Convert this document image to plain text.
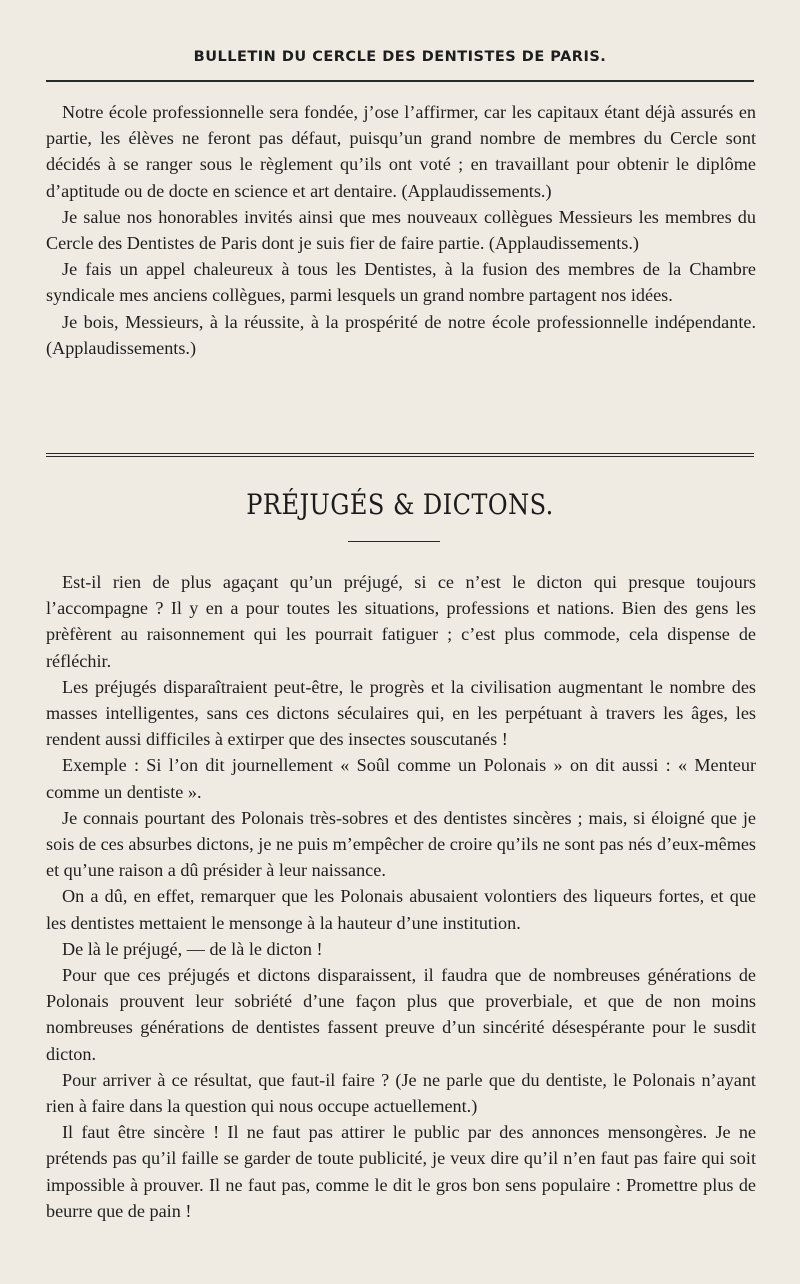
BULLETIN DU CERCLE DES DENTISTES DE PARIS.

Notre école professionnelle sera fondée, j’ose l’affirmer, car les capitaux étant déjà assurés en partie, les élèves ne feront pas défaut, puisqu’un grand nombre de membres du Cercle sont décidés à se ranger sous le règlement qu’ils ont voté ; en travaillant pour obtenir le diplôme d’aptitude ou de docte en science et art dentaire. (Applaudissements.)

Je salue nos honorables invités ainsi que mes nouveaux collègues Messieurs les membres du Cercle des Dentistes de Paris dont je suis fier de faire partie. (Applaudissements.)

Je fais un appel chaleureux à tous les Dentistes, à la fusion des membres de la Chambre syndicale mes anciens collègues, parmi lesquels un grand nombre partagent nos idées.

Je bois, Messieurs, à la réussite, à la prospérité de notre école professionnelle indépendante. (Applaudissements.)

PRÉJUGÉS & DICTONS.

Est-il rien de plus agaçant qu’un préjugé, si ce n’est le dicton qui presque toujours l’accompagne ? Il y en a pour toutes les situations, professions et nations. Bien des gens les prèfèrent au raisonnement qui les pourrait fatiguer ; c’est plus commode, cela dispense de réfléchir.

Les préjugés disparaîtraient peut-être, le progrès et la civilisation augmentant le nombre des masses intelligentes, sans ces dictons séculaires qui, en les perpétuant à travers les âges, les rendent aussi difficiles à extirper que des insectes souscutanés !

Exemple : Si l’on dit journellement « Soûl comme un Polonais » on dit aussi : « Menteur comme un dentiste ».

Je connais pourtant des Polonais très-sobres et des dentistes sincères ; mais, si éloigné que je sois de ces absurbes dictons, je ne puis m’empêcher de croire qu’ils ne sont pas nés d’eux-mêmes et qu’une raison a dû présider à leur naissance.

On a dû, en effet, remarquer que les Polonais abusaient volontiers des liqueurs fortes, et que les dentistes mettaient le mensonge à la hauteur d’une institution.

De là le préjugé, — de là le dicton !

Pour que ces préjugés et dictons disparaissent, il faudra que de nombreuses générations de Polonais prouvent leur sobriété d’une façon plus que proverbiale, et que de non moins nombreuses générations de dentistes fassent preuve d’un sincérité désespérante pour le susdit dicton.

Pour arriver à ce résultat, que faut-il faire ? (Je ne parle que du dentiste, le Polonais n’ayant rien à faire dans la question qui nous occupe actuellement.)

Il faut être sincère ! Il ne faut pas attirer le public par des annonces mensongères. Je ne prétends pas qu’il faille se garder de toute publicité, je veux dire qu’il n’en faut pas faire qui soit impossible à prouver. Il ne faut pas, comme le dit le gros bon sens populaire : Promettre plus de beurre que de pain !
